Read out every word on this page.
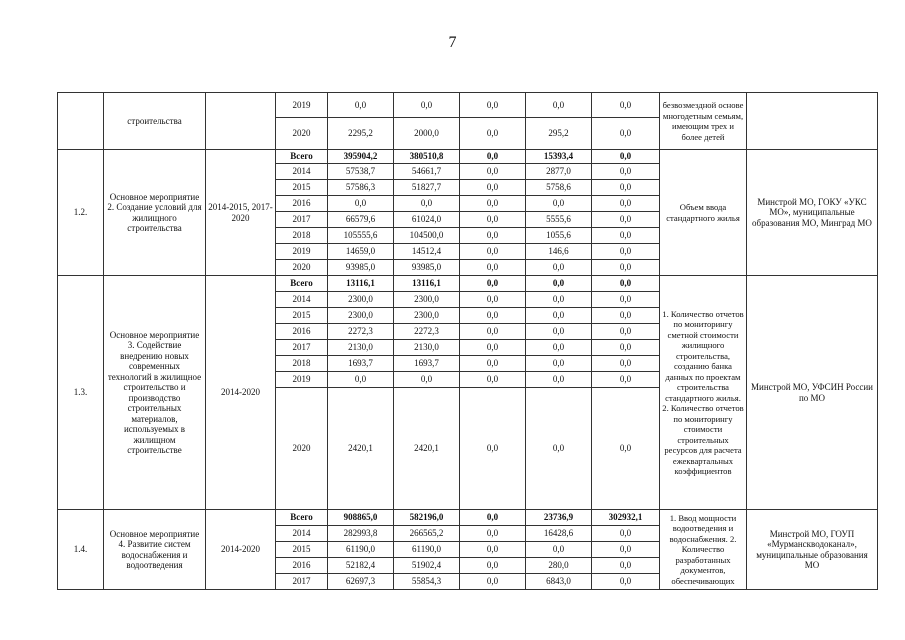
7
	строительства		2019	0,0	0,0	0,0	0,0	0,0	безвозмездной основе многодетным семьям, имеющим трех и более детей	
			2020	2295,2	2000,0	0,0	295,2	0,0		
1.2.	Основное мероприятие 2. Создание условий для жилищного строительства	2014-2015, 2017-2020	Всего	395904,2	380510,8	0,0	15393,4	0,0	Объем ввода стандартного жилья	Минстрой МО, ГОКУ «УКС МО», муниципальные образования МО, Минград МО
			2014	57538,7	54661,7	0,0	2877,0	0,0		
			2015	57586,3	51827,7	0,0	5758,6	0,0		
			2016	0,0	0,0	0,0	0,0	0,0		
			2017	66579,6	61024,0	0,0	5555,6	0,0		
			2018	105555,6	104500,0	0,0	1055,6	0,0		
			2019	14659,0	14512,4	0,0	146,6	0,0		
			2020	93985,0	93985,0	0,0	0,0	0,0		
1.3.	Основное мероприятие 3. Содействие внедрению новых современных технологий в жилищное строительство и производство строительных материалов, используемых в жилищном строительстве	2014-2020	Всего	13116,1	13116,1	0,0	0,0	0,0	1. Количество отчетов по мониторингу сметной стоимости жилищного строительства, созданию банка данных по проектам строительства стандартного жилья. 2. Количество отчетов по мониторингу стоимости строительных ресурсов для расчета ежеквартальных коэффициентов	Минстрой МО, УФСИН России по МО
			2014	2300,0	2300,0	0,0	0,0	0,0		
			2015	2300,0	2300,0	0,0	0,0	0,0		
			2016	2272,3	2272,3	0,0	0,0	0,0		
			2017	2130,0	2130,0	0,0	0,0	0,0		
			2018	1693,7	1693,7	0,0	0,0	0,0		
			2019	0,0	0,0	0,0	0,0	0,0		
			2020	2420,1	2420,1	0,0	0,0	0,0		
1.4.	Основное мероприятие 4. Развитие систем водоснабжения и водоотведения	2014-2020	Всего	908865,0	582196,0	0,0	23736,9	302932,1	1. Ввод мощности водоотведения и водоснабжения. 2. Количество разработанных документов, обеспечивающих	Минстрой МО, ГОУП «Мурманскводоканал», муниципальные образования МО
			2014	282993,8	266565,2	0,0	16428,6	0,0		
			2015	61190,0	61190,0	0,0	0,0	0,0		
			2016	52182,4	51902,4	0,0	280,0	0,0		
			2017	62697,3	55854,3	0,0	6843,0	0,0		
